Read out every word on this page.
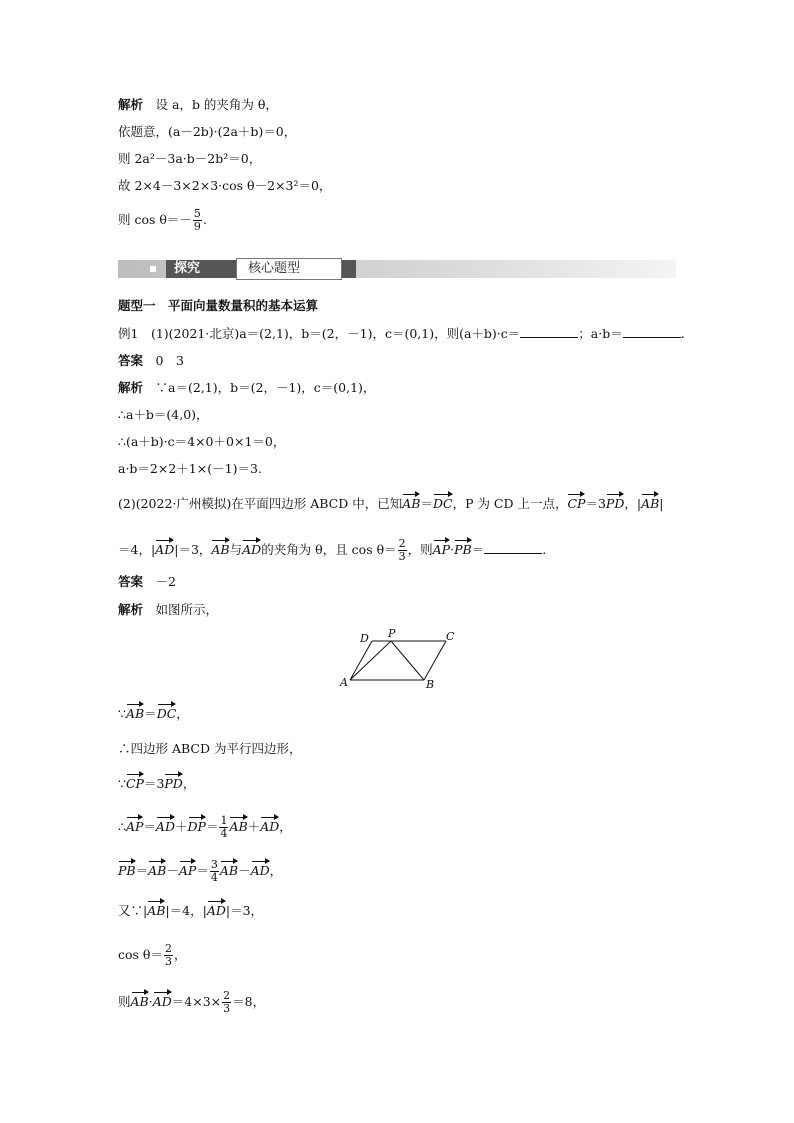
解析　 设 a，b 的夹角为 θ，
依题意，(a－2b)·(2a＋b)＝0，
则 2a²－3a·b－2b²＝0，
故 2×4－3×2×3·cos θ－2×3²＝0，
则 $\cos \theta=- \frac{5}{9}$ .
探究	核心题型
题型一　平面向量数量积的基本运算
例1　(1)(2021·北京)a＝(2,1)，b＝(2，－1)，c＝(0,1)，则(a＋b)·c＝	；a·b＝	.
答案　 0　3
解析　 ∵a＝(2,1)，b＝(2，－1)，c＝(0,1)，
∴a＋b＝(4,0)，
∴(a＋b)·c＝4×0＋0×1＝0，
a·b＝2×2＋1×(－1)＝3.
(2)(2022·广州模拟)在平面四边形 ABCD 中，已知AB＝DC，P 为 CD 上一点，CP＝3PD，|AB|
＝4，|AD|＝3，AB与AD的夹角为 θ，且 $\cos \theta= \frac{2}{3}$ ，则AP·PB＝	.
答案　 －2
解析　 如图所示，
D P	C
A	B
∵AB＝DC，
∴四边形 ABCD 为平行四边形，
∵CP＝3PD，
∴AP＝AD＋DP＝ $\frac{1}{4} AB+AD$，
$PB=AB-AP= \frac{3}{4} AB-AD$，
又∵|AB|＝4，|AD|＝3，
$\cos \theta= \frac{2}{3}$ ，
则$AB\cdot AD=4\times 3\times \frac{2}{3} =8$，
